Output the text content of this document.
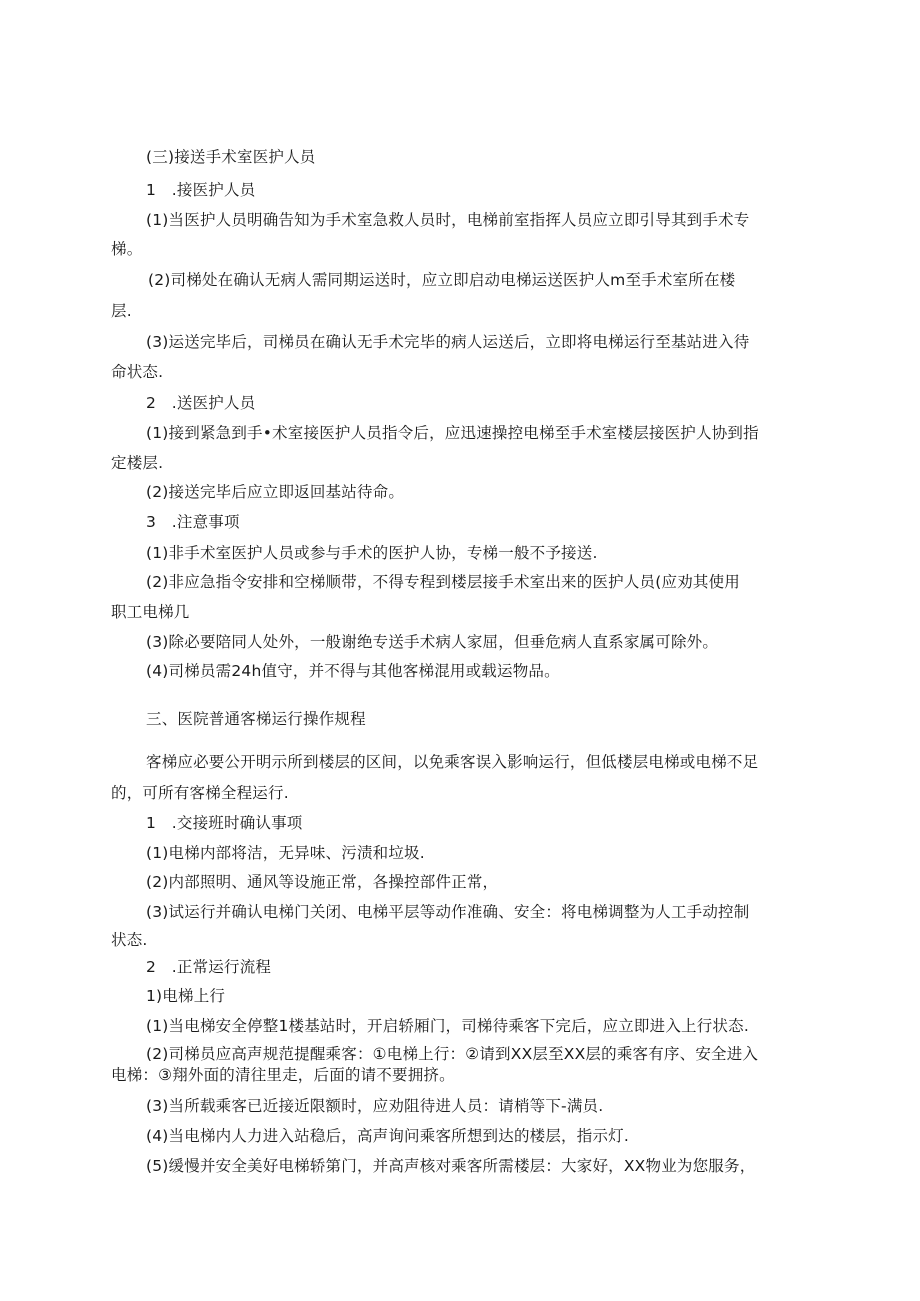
(三)接送手术室医护人员
1　.接医护人员
(1)当医护人员明确告知为手术室急救人员时，电梯前室指挥人员应立即引导其到手术专
梯。
(2)司梯处在确认无病人需同期运送时，应立即启动电梯运送医护人m至手术室所在楼
层.
(3)运送完毕后，司梯员在确认无手术完毕的病人运送后，立即将电梯运行至基站进入待
命状态.
2　.送医护人员
(1)接到紧急到手•术室接医护人员指令后，应迅速操控电梯至手术室楼层接医护人协到指
定楼层.
(2)接送完毕后应立即返回基站待命。
3　.注意事项
(1)非手术室医护人员或参与手术的医护人协，专梯一般不予接送.
(2)非应急指令安排和空梯顺带，不得专程到楼层接手术室出来的医护人员(应劝其使用
职工电梯几
(3)除必要陪同人处外，一般谢绝专送手术病人家屈，但垂危病人直系家属可除外。
(4)司梯员需24h值守，并不得与其他客梯混用或载运物品。
三、医院普通客梯运行操作规程
客梯应必要公开明示所到楼层的区间，以免乘客误入影响运行，但低楼层电梯或电梯不足
的，可所有客梯全程运行.
1　.交接班时确认事项
(1)电梯内部将洁，无异味、污渍和垃圾.
(2)内部照明、通风等设施正常，各操控部件正常，
(3)试运行并确认电梯门关闭、电梯平层等动作准确、安全：将电梯调整为人工手动控制
状态.
2　.正常运行流程
1)电梯上行
(1)当电梯安全停整1楼基站时，开启轿厢门，司梯待乘客下完后，应立即进入上行状态.
(2)司梯员应高声规范提醒乘客：①电梯上行：②请到XX层至XX层的乘客有序、安全进入
电梯：③翔外面的清往里走，后面的请不要拥挤。
(3)当所载乘客已近接近限额时，应劝阻待进人员：请梢等下-满员.
(4)当电梯内人力进入站稳后，高声询问乘客所想到达的楼层，指示灯.
(5)缓慢并安全美好电梯轿第门，并高声核对乘客所需楼层：大家好，XX物业为您服务，
